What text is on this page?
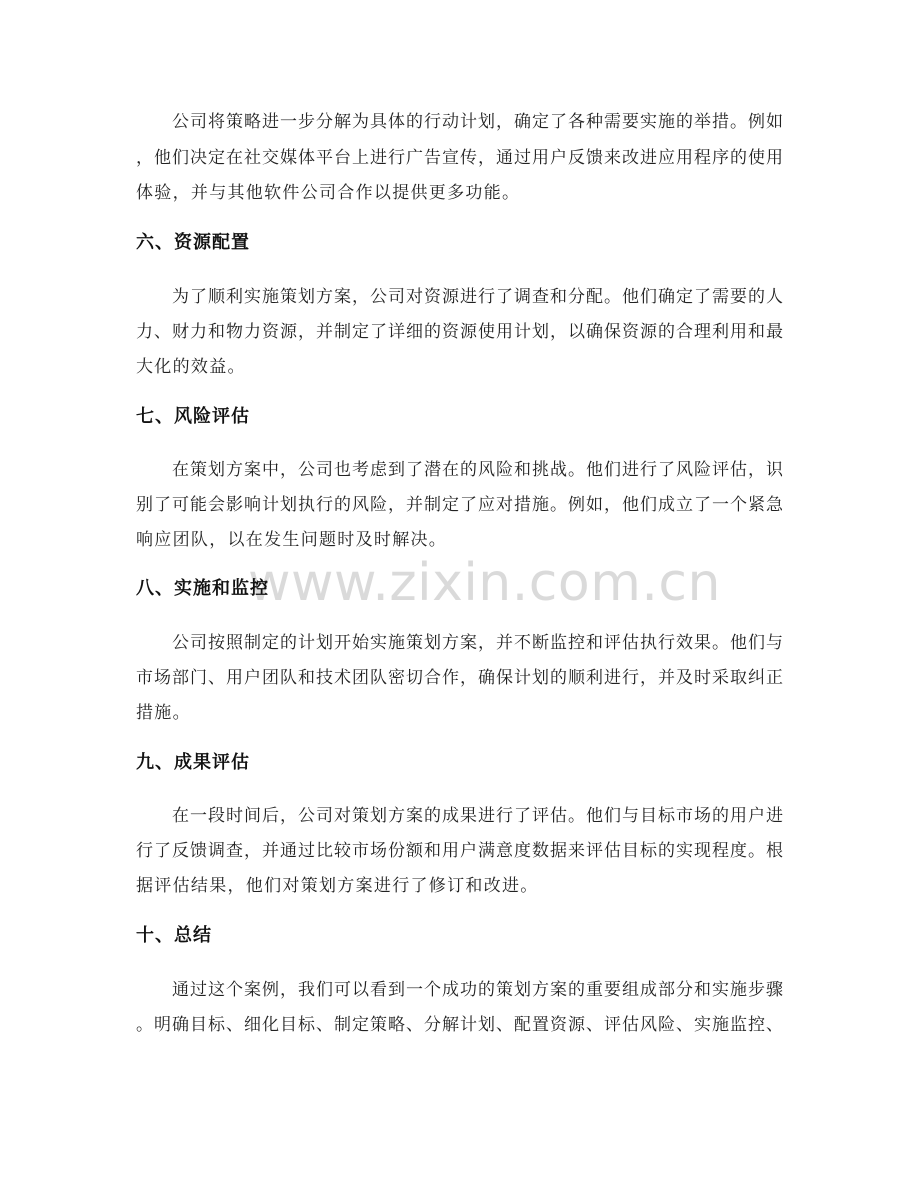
www.zixin.com.cn
公司将策略进一步分解为具体的行动计划，确定了各种需要实施的举措。例如
，他们决定在社交媒体平台上进行广告宣传，通过用户反馈来改进应用程序的使用
体验，并与其他软件公司合作以提供更多功能。
六、资源配置
为了顺利实施策划方案，公司对资源进行了调查和分配。他们确定了需要的人
力、财力和物力资源，并制定了详细的资源使用计划，以确保资源的合理利用和最
大化的效益。
七、风险评估
在策划方案中，公司也考虑到了潜在的风险和挑战。他们进行了风险评估，识
别了可能会影响计划执行的风险，并制定了应对措施。例如，他们成立了一个紧急
响应团队，以在发生问题时及时解决。
八、实施和监控
公司按照制定的计划开始实施策划方案，并不断监控和评估执行效果。他们与
市场部门、用户团队和技术团队密切合作，确保计划的顺利进行，并及时采取纠正
措施。
九、成果评估
在一段时间后，公司对策划方案的成果进行了评估。他们与目标市场的用户进
行了反馈调查，并通过比较市场份额和用户满意度数据来评估目标的实现程度。根
据评估结果，他们对策划方案进行了修订和改进。
十、总结
通过这个案例，我们可以看到一个成功的策划方案的重要组成部分和实施步骤
。明确目标、细化目标、制定策略、分解计划、配置资源、评估风险、实施监控、
